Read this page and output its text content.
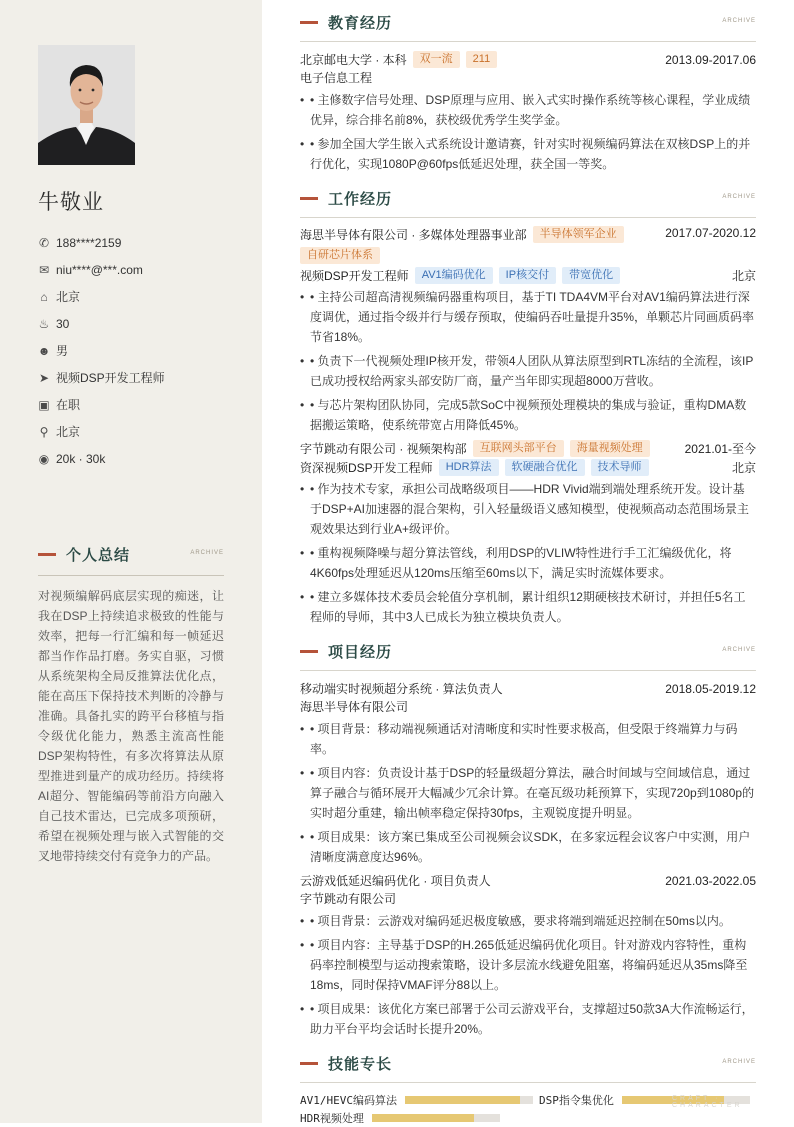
牛敬业
✆ 188****2159
✉ niu****@***.com
⌂ 北京
♨ 30
☻ 男
➤ 视频DSP开发工程师
▣ 在职
⚲ 北京
◉ 20k · 30k
个人总结	ARCHIVE
对视频编解码底层实现的痴迷，让我在DSP上持续追求极致的性能与效率，把每一行汇编和每一帧延迟都当作作品打磨。务实自驱，习惯从系统架构全局反推算法优化点，能在高压下保持技术判断的冷静与准确。具备扎实的跨平台移植与指令级优化能力，熟悉主流高性能DSP架构特性，有多次将算法从原型推进到量产的成功经历。持续将AI超分、智能编码等前沿方向融入自己技术雷达，已完成多项预研，希望在视频处理与嵌入式智能的交叉地带持续交付有竞争力的产品。
教育经历	ARCHIVE
北京邮电大学 · 本科	双一流	211	2013.09-2017.06
电子信息工程
• • 主修数字信号处理、DSP原理与应用、嵌入式实时操作系统等核心课程，学业成绩优异，综合排名前8%，获校级优秀学生奖学金。
• • 参加全国大学生嵌入式系统设计邀请赛，针对实时视频编码算法在双核DSP上的并行优化，实现1080P@60fps低延迟处理，获全国一等奖。
工作经历	ARCHIVE
海思半导体有限公司 · 多媒体处理器事业部	半导体领军企业
自研芯片体系
2017.07-2020.12
视频DSP开发工程师	AV1编码优化	IP核交付	带宽优化	北京
• • 主持公司超高清视频编码器重构项目，基于TI TDA4VM平台对AV1编码算法进行深度调优，通过指令级并行与缓存预取，使编码吞吐量提升35%，单颗芯片同画质码率节省18%。
• • 负责下一代视频处理IP核开发，带领4人团队从算法原型到RTL冻结的全流程，该IP已成功授权给两家头部安防厂商，量产当年即实现超8000万营收。
• • 与芯片架构团队协同，完成5款SoC中视频预处理模块的集成与验证，重构DMA数据搬运策略，使系统带宽占用降低45%。
字节跳动有限公司 · 视频架构部	互联网头部平台	海量视频处理	2021.01-至今
资深视频DSP开发工程师	HDR算法	软硬融合优化	技术导师	北京
• • 作为技术专家，承担公司战略级项目——HDR Vivid端到端处理系统开发。设计基于DSP+AI加速器的混合架构，引入轻量级语义感知模型，使视频高动态范围场景主观效果达到行业A+级评价。
• • 重构视频降噪与超分算法管线，利用DSP的VLIW特性进行手工汇编级优化，将4K60fps处理延迟从120ms压缩至60ms以下，满足实时流媒体要求。
• • 建立多媒体技术委员会轮值分享机制，累计组织12期硬核技术研讨，并担任5名工程师的导师，其中3人已成长为独立模块负责人。
项目经历	ARCHIVE
移动端实时视频超分系统 · 算法负责人	2018.05-2019.12
海思半导体有限公司
• • 项目背景：移动端视频通话对清晰度和实时性要求极高，但受限于终端算力与码率。
• • 项目内容：负责设计基于DSP的轻量级超分算法，融合时间域与空间域信息，通过算子融合与循环展开大幅减少冗余计算。在毫瓦级功耗预算下，实现720p到1080p的实时超分重建，输出帧率稳定保持30fps，主观锐度提升明显。
• • 项目成果：该方案已集成至公司视频会议SDK，在多家远程会议客户中实测，用户清晰度满意度达96%。
云游戏低延迟编码优化 · 项目负责人	2021.03-2022.05
字节跳动有限公司
• • 项目背景：云游戏对编码延迟极度敏感，要求将端到端延迟控制在50ms以内。
• • 项目内容：主导基于DSP的H.265低延迟编码优化项目。针对游戏内容特性，重构码率控制模型与运动搜索策略，设计多层流水线避免阻塞，将编码延迟从35ms降至18ms，同时保持VMAF评分88以上。
• • 项目成果：该优化方案已部署于公司云游戏平台，支撑超过50款3A大作流畅运行，助力平台平均会话时长提升20%。
技能专长	ARCHIVE
AV1/HEVC编码算法	DSP指令集优化
HDR视频处理
CRAFT · CHARACTER
